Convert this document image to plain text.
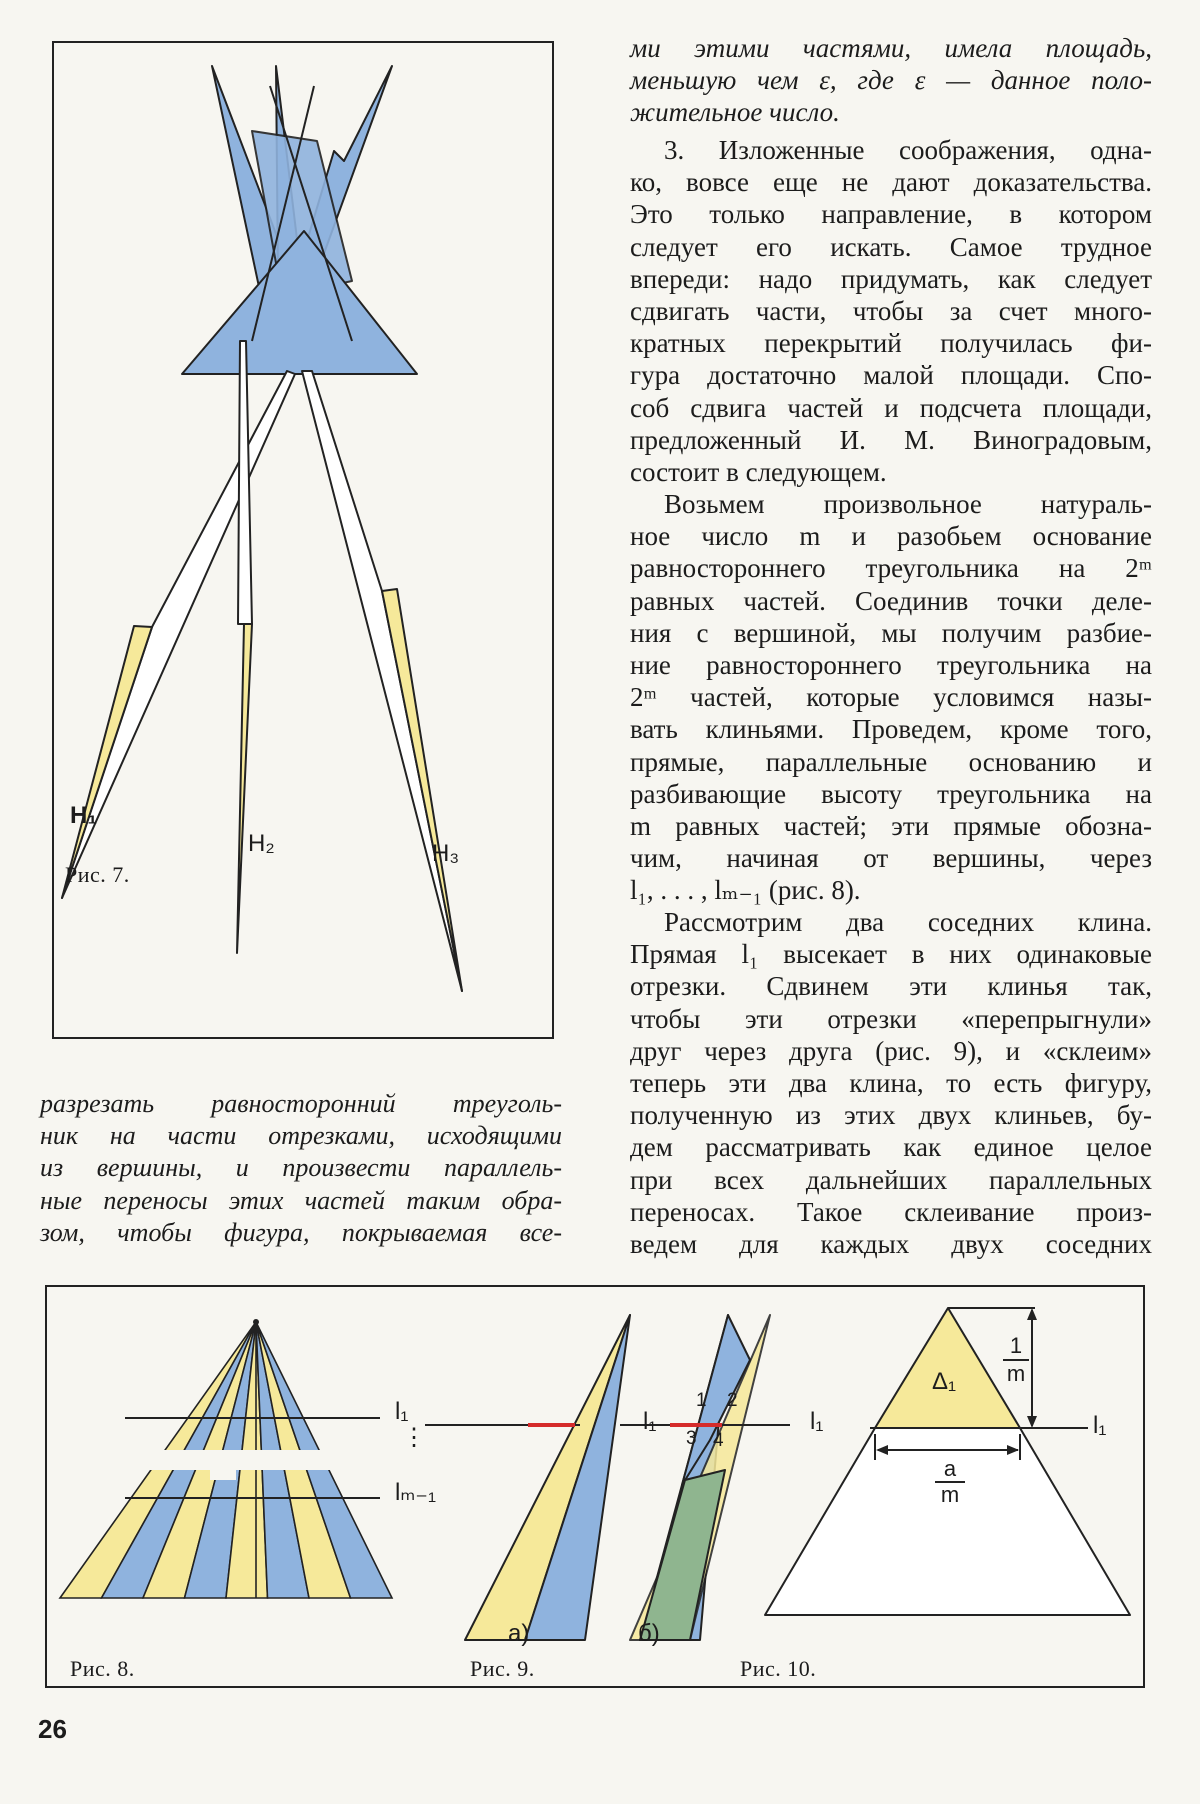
H₁
H₂	H₃
Рис. 7.
ми этими частями, имела площадь,
меньшую чем ε, где ε — данное поло-
жительное число.
3. Изложенные соображения, одна-
ко, вовсе еще не дают доказательства.
Это только направление, в котором
следует его искать. Самое трудное
впереди: надо придумать, как следует
сдвигать части, чтобы за счет много-
кратных перекрытий получилась фи-
гура достаточно малой площади. Спо-
соб сдвига частей и подсчета площади,
предложенный И. М. Виноградовым,
состоит в следующем.
Возьмем произвольное натураль-
ное число m и разобьем основание
равностороннего треугольника на 2ᵐ
равных частей. Соединив точки деле-
ния с вершиной, мы получим разбие-
ние равностороннего треугольника на
2ᵐ частей, которые условимся назы-
вать клиньями. Проведем, кроме того,
прямые, параллельные основанию и
разбивающие высоту треугольника на
m равных частей; эти прямые обозна-
чим, начиная от вершины, через
l₁, . . . , lₘ₋₁ (рис. 8).
Рассмотрим два соседних клина.
Прямая l₁ высекает в них одинаковые
отрезки. Сдвинем эти клинья так,
чтобы эти отрезки «перепрыгнули»
друг через друга (рис. 9), и «склеим»
теперь эти два клина, то есть фигуру,
полученную из этих двух клиньев, бу-
дем рассматривать как единое целое
при всех дальнейших параллельных
переносах. Такое склеивание произ-
ведем для каждых двух соседних
разрезать равносторонний треуголь-
ник на части отрезками, исходящими
из вершины, и произвести параллель-
ные переносы этих частей таким обра-
зом, чтобы фигура, покрываемая все-
l₁
lₘ₋₁
⋮
Рис. 8.
l₁	l₁
1 2
3 4
а)	б)
Рис. 9.
$\Delta_1 \frac{1}{m}$
$\frac{a}{m}$
l₁
Рис. 10.
26
